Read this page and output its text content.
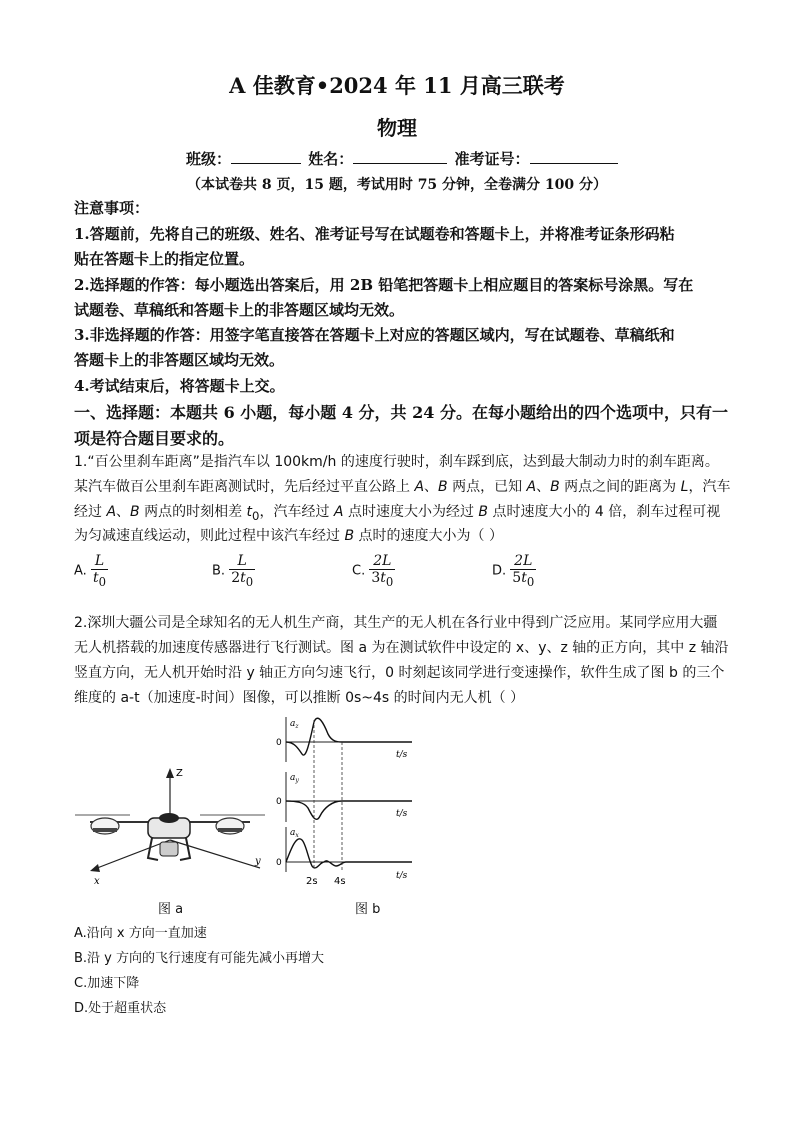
A 佳教育•2024 年 11 月高三联考
物理
班级：	姓名：	准考证号：
（本试卷共 8 页，15 题，考试用时 75 分钟，全卷满分 100 分）
注意事项：
1.答题前，先将自己的班级、姓名、准考证号写在试题卷和答题卡上，并将准考证条形码粘
贴在答题卡上的指定位置。
2.选择题的作答：每小题选出答案后，用 2B 铅笔把答题卡上相应题目的答案标号涂黑。写在
试题卷、草稿纸和答题卡上的非答题区域均无效。
3.非选择题的作答：用签字笔直接答在答题卡上对应的答题区域内，写在试题卷、草稿纸和
答题卡上的非答题区域均无效。
4.考试结束后，将答题卡上交。
一、选择题：本题共 6 小题，每小题 4 分，共 24 分。在每小题给出的四个选项中，只有一
项是符合题目要求的。
1.“百公里刹车距离”是指汽车以 100km/h 的速度行驶时，刹车踩到底，达到最大制动力时的刹车距离。
某汽车做百公里刹车距离测试时，先后经过平直公路上 A、B 两点，已知 A、B 两点之间的距离为 L，汽车
经过 A、B 两点的时刻相差 $t_0$，汽车经过 A 点时速度大小为经过 B 点时速度大小的 4 倍，刹车过程可视
为匀减速直线运动，则此过程中该汽车经过 B 点时的速度大小为（ ）
A. $\frac{L}{t_0}$	B. $\frac{L}{2t_0}$	C. $\frac{2L}{3t_0}$	D. $\frac{2L}{5t_0}$
2.深圳大疆公司是全球知名的无人机生产商，其生产的无人机在各行业中得到广泛应用。某同学应用大疆
无人机搭载的加速度传感器进行飞行测试。图 a 为在测试软件中设定的 x、y、z 轴的正方向，其中 z 轴沿
竖直方向，无人机开始时沿 y 轴正方向匀速飞行，0 时刻起该同学进行变速操作，软件生成了图 b 的三个
维度的 a-t（加速度-时间）图像，可以推断 0s~4s 的时间内无人机（ ）
Z
x
y
$a_z$
0
t/s
$a_y$
0
t/s
$a_x$
0
t/s
2s 4s
图 a	图 b
A.沿向 x 方向一直加速
B.沿 y 方向的飞行速度有可能先减小再增大
C.加速下降
D.处于超重状态
